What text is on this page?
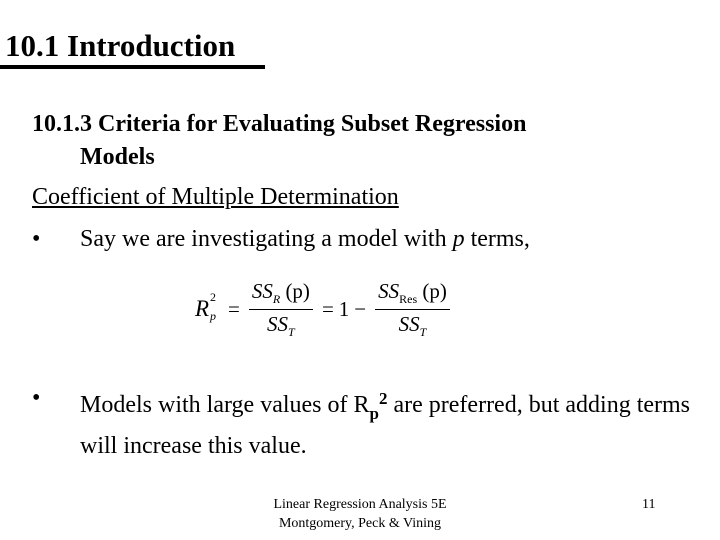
10.1 Introduction
10.1.3 Criteria for Evaluating Subset Regression
Models
Coefficient of Multiple Determination
•	Say we are investigating a model with p terms,
R 2
$p = \frac{SS_R (p)}{SS_T} = 1 - \frac{SS_{Res} (p)}{SS_T}$
•	Models with large values of $R_p^2$ are preferred, but adding terms will increase this value.
Linear Regression Analysis 5E
Montgomery, Peck & Vining
11
